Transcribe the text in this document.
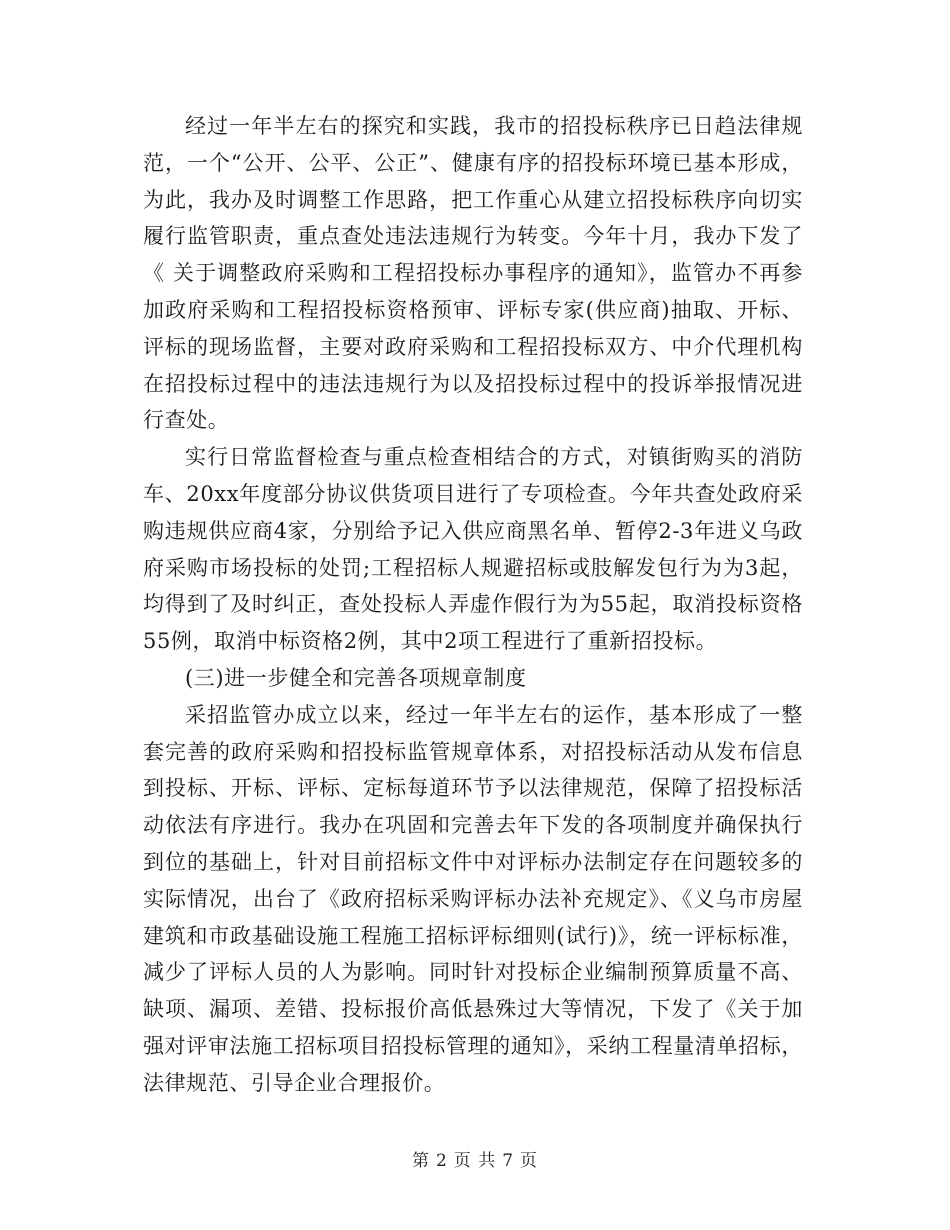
经过一年半左右的探究和实践，我市的招投标秩序已日趋法律规范，一个“公开、公平、公正”、健康有序的招投标环境已基本形成，为此，我办及时调整工作思路，把工作重心从建立招投标秩序向切实履行监管职责，重点查处违法违规行为转变。今年十月，我办下发了《 关于调整政府采购和工程招投标办事程序的通知》，监管办不再参加政府采购和工程招投标资格预审、评标专家(供应商)抽取、开标、评标的现场监督，主要对政府采购和工程招投标双方、中介代理机构在招投标过程中的违法违规行为以及招投标过程中的投诉举报情况进行查处。

实行日常监督检查与重点检查相结合的方式，对镇街购买的消防车、20xx年度部分协议供货项目进行了专项检查。今年共查处政府采购违规供应商4家，分别给予记入供应商黑名单、暂停2-3年进义乌政府采购市场投标的处罚;工程招标人规避招标或肢解发包行为为3起，均得到了及时纠正，查处投标人弄虚作假行为为55起，取消投标资格55例，取消中标资格2例，其中2项工程进行了重新招投标。

(三)进一步健全和完善各项规章制度

采招监管办成立以来，经过一年半左右的运作，基本形成了一整套完善的政府采购和招投标监管规章体系，对招投标活动从发布信息到投标、开标、评标、定标每道环节予以法律规范，保障了招投标活动依法有序进行。我办在巩固和完善去年下发的各项制度并确保执行到位的基础上，针对目前招标文件中对评标办法制定存在问题较多的实际情况，出台了《政府招标采购评标办法补充规定》、《义乌市房屋建筑和市政基础设施工程施工招标评标细则(试行)》，统一评标标准，减少了评标人员的人为影响。同时针对投标企业编制预算质量不高、缺项、漏项、差错、投标报价高低悬殊过大等情况，下发了《关于加强对评审法施工招标项目招投标管理的通知》，采纳工程量清单招标，法律规范、引导企业合理报价。

第 2 页 共 7 页
